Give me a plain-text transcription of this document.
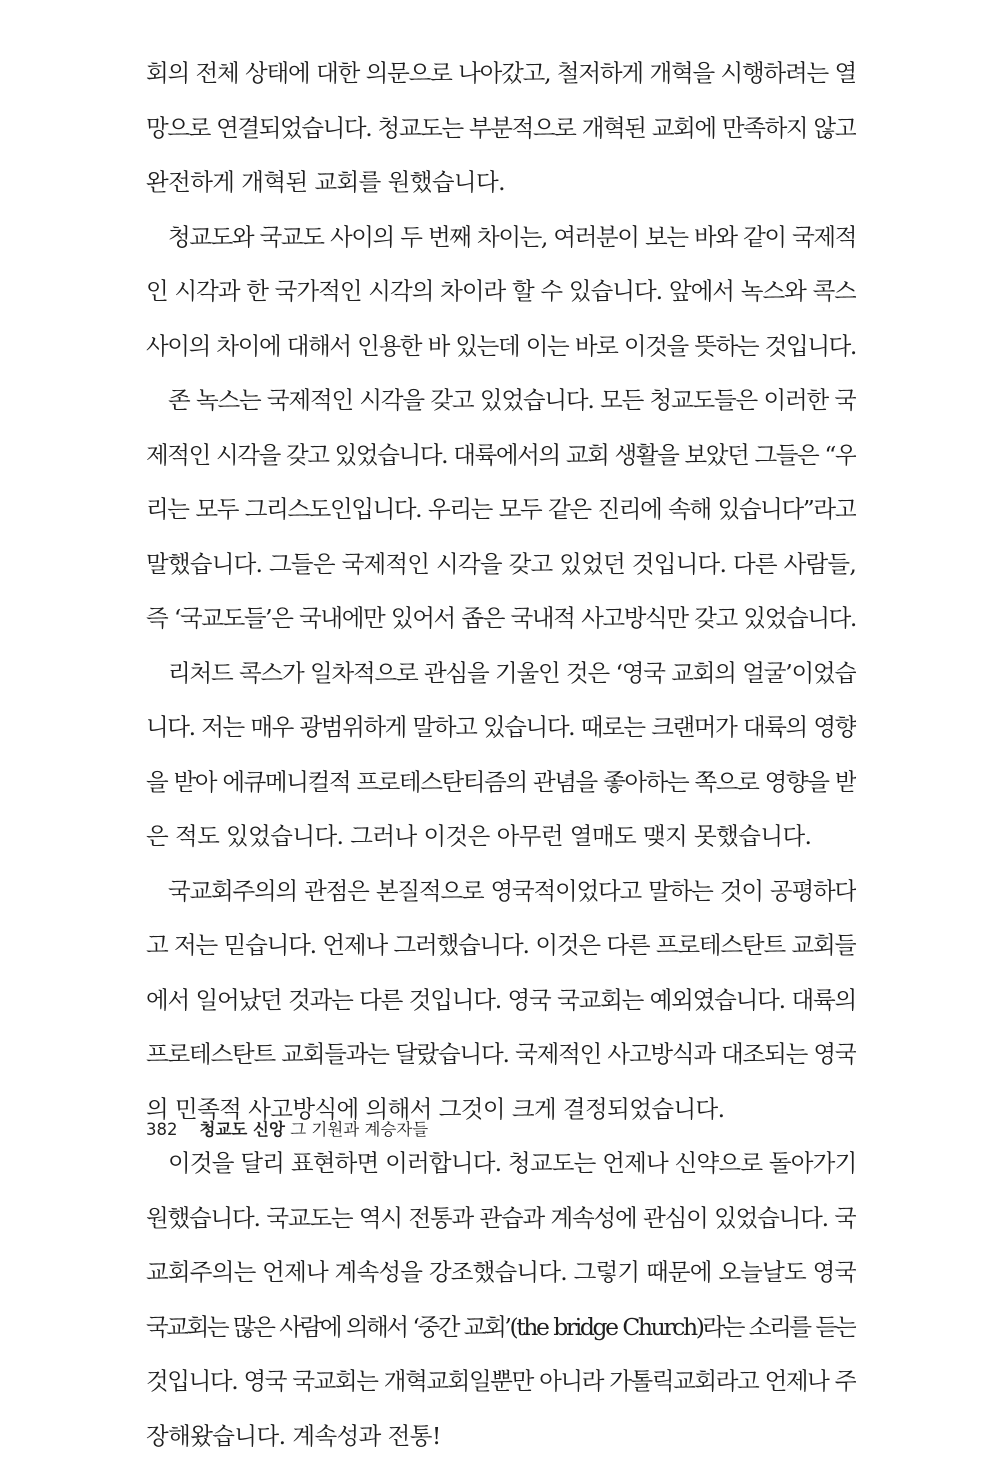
회의 전체 상태에 대한 의문으로 나아갔고, 철저하게 개혁을 시행하려는 열
망으로 연결되었습니다. 청교도는 부분적으로 개혁된 교회에 만족하지 않고
완전하게 개혁된 교회를 원했습니다.
청교도와 국교도 사이의 두 번째 차이는, 여러분이 보는 바와 같이 국제적
인 시각과 한 국가적인 시각의 차이라 할 수 있습니다. 앞에서 녹스와 콕스
사이의 차이에 대해서 인용한 바 있는데 이는 바로 이것을 뜻하는 것입니다.
존 녹스는 국제적인 시각을 갖고 있었습니다. 모든 청교도들은 이러한 국
제적인 시각을 갖고 있었습니다. 대륙에서의 교회 생활을 보았던 그들은 “우
리는 모두 그리스도인입니다. 우리는 모두 같은 진리에 속해 있습니다”라고
말했습니다. 그들은 국제적인 시각을 갖고 있었던 것입니다. 다른 사람들,
즉 ‘국교도들’은 국내에만 있어서 좁은 국내적 사고방식만 갖고 있었습니다.
리처드 콕스가 일차적으로 관심을 기울인 것은 ‘영국 교회의 얼굴’이었습
니다. 저는 매우 광범위하게 말하고 있습니다. 때로는 크랜머가 대륙의 영향
을 받아 에큐메니컬적 프로테스탄티즘의 관념을 좋아하는 쪽으로 영향을 받
은 적도 있었습니다. 그러나 이것은 아무런 열매도 맺지 못했습니다.
국교회주의의 관점은 본질적으로 영국적이었다고 말하는 것이 공평하다
고 저는 믿습니다. 언제나 그러했습니다. 이것은 다른 프로테스탄트 교회들
에서 일어났던 것과는 다른 것입니다. 영국 국교회는 예외였습니다. 대륙의
프로테스탄트 교회들과는 달랐습니다. 국제적인 사고방식과 대조되는 영국
의 민족적 사고방식에 의해서 그것이 크게 결정되었습니다.
이것을 달리 표현하면 이러합니다. 청교도는 언제나 신약으로 돌아가기
원했습니다. 국교도는 역시 전통과 관습과 계속성에 관심이 있었습니다. 국
교회주의는 언제나 계속성을 강조했습니다. 그렇기 때문에 오늘날도 영국
국교회는 많은 사람에 의해서 ‘중간 교회’(the bridge Church)라는 소리를 듣는
것입니다. 영국 국교회는 개혁교회일뿐만 아니라 가톨릭교회라고 언제나 주
장해왔습니다. 계속성과 전통!
382 청교도 신앙 그 기원과 계승자들
